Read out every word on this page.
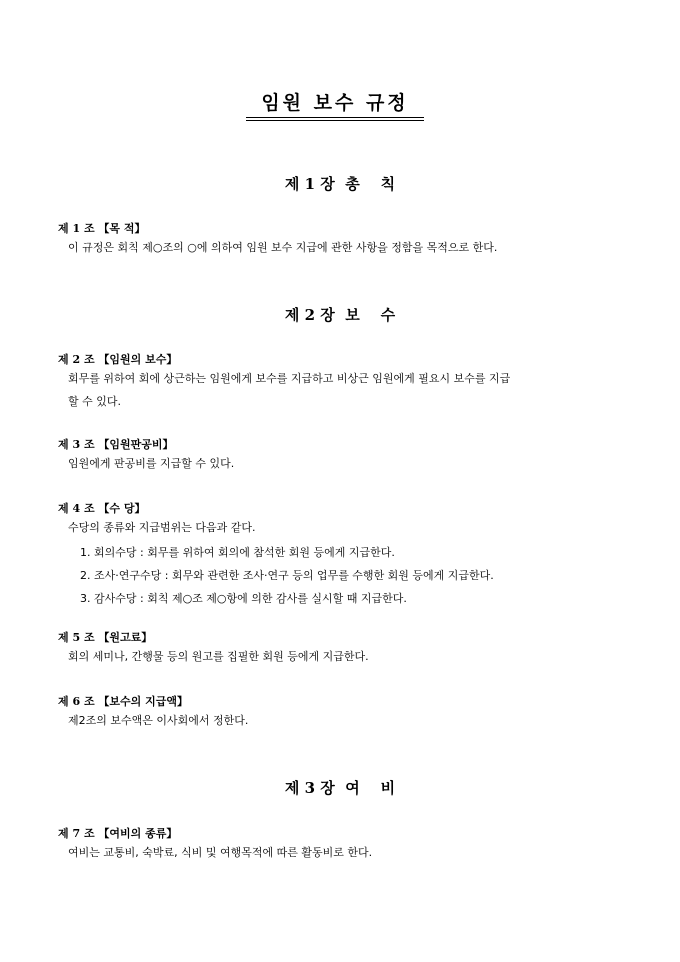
임원 보수 규정
제 1 장  총    칙
제 1 조 【목 적】
이 규정은 회칙 제○조의 ○에 의하여 임원 보수 지급에 관한 사항을 정함을 목적으로 한다.
제 2 장  보    수
제 2 조 【임원의 보수】
회무를 위하여 회에 상근하는 임원에게 보수를 지급하고 비상근 임원에게 필요시 보수를 지급
할 수 있다.
제 3 조 【임원판공비】
임원에게 판공비를 지급할 수 있다.
제 4 조 【수 당】
수당의 종류와 지급범위는 다음과 같다.
1. 회의수당 : 회무를 위하여 회의에 참석한 회원 등에게 지급한다.
2. 조사·연구수당 : 회무와 관련한 조사·연구 등의 업무를 수행한 회원 등에게 지급한다.
3. 감사수당 : 회칙 제○조 제○항에 의한 감사를 실시할 때 지급한다.
제 5 조 【원고료】
회의 세미나, 간행물 등의 원고를 집필한 회원 등에게 지급한다.
제 6 조 【보수의 지급액】
제2조의 보수액은 이사회에서 정한다.
제 3 장  여    비
제 7 조 【여비의 종류】
여비는 교통비, 숙박료, 식비 및 여행목적에 따른 활동비로 한다.
